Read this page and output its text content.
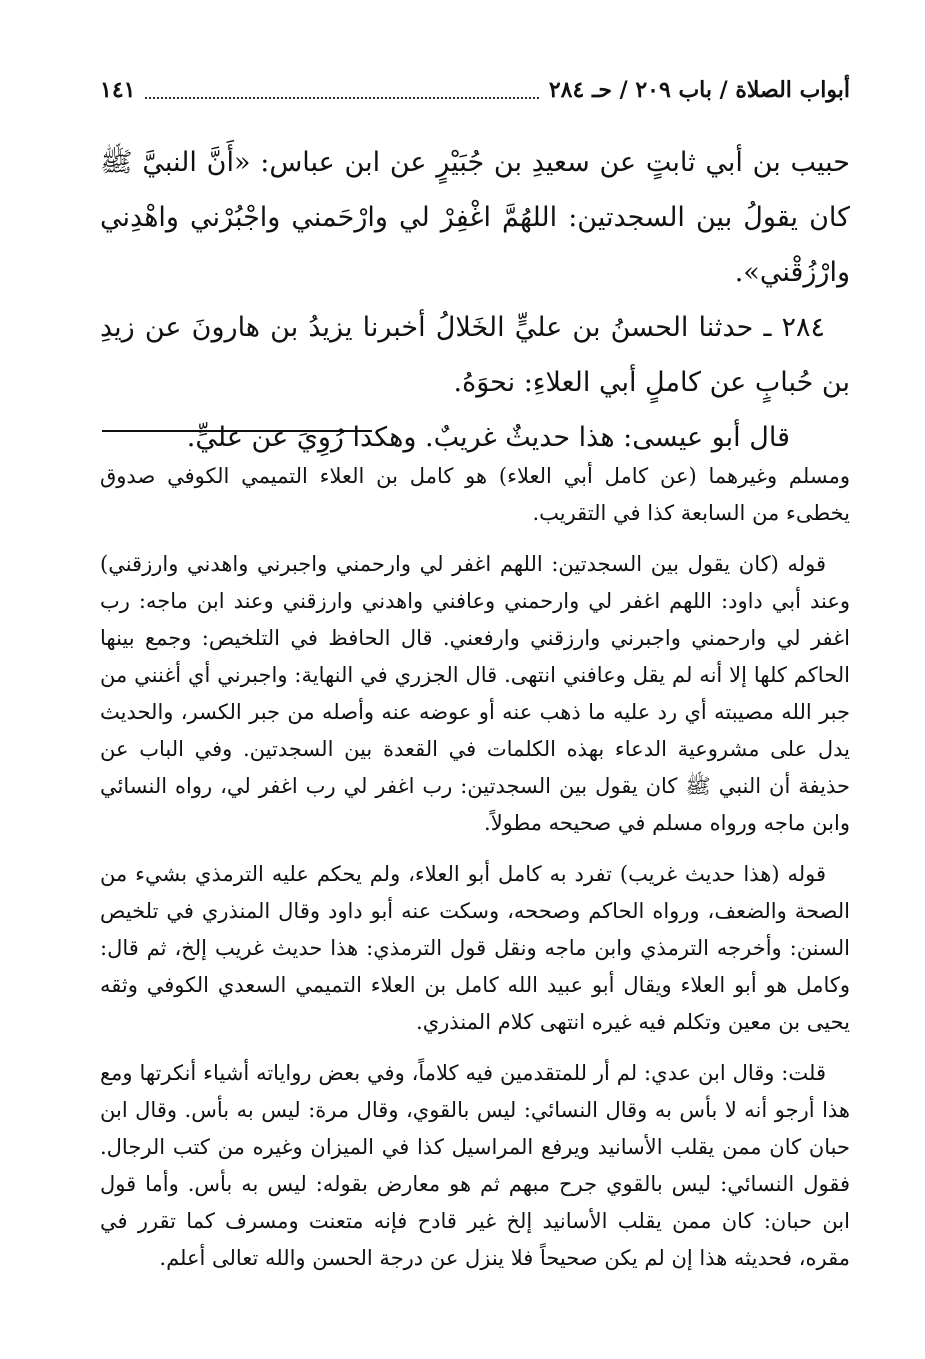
أبواب الصلاة / باب ٢٠٩ / حـ ٢٨٤
١٤١

حبيب بن أبي ثابتٍ عن سعيدِ بن جُبَيْرٍ عن ابن عباس: «أَنَّ النبيَّ ﷺ كان يقولُ بين السجدتين: اللهُمَّ اغْفِرْ لي وارْحَمني واجْبُرْني واهْدِني وارْزُقْني».

٢٨٤ ـ حدثنا الحسنُ بن عليٍّ الخَلالُ أخبرنا يزيدُ بن هارونَ عن زيدِ بن حُبابٍ عن كاملٍ أبي العلاءِ: نحوَهُ.

قال أبو عيسى: هذا حديثٌ غريبٌ. وهكذا رُوِيَ عن عليٍّ.

ومسلم وغيرهما (عن كامل أبي العلاء) هو كامل بن العلاء التميمي الكوفي صدوق يخطىء من السابعة كذا في التقريب.

قوله (كان يقول بين السجدتين: اللهم اغفر لي وارحمني واجبرني واهدني وارزقني) وعند أبي داود: اللهم اغفر لي وارحمني وعافني واهدني وارزقني وعند ابن ماجه: رب اغفر لي وارحمني واجبرني وارزقني وارفعني. قال الحافظ في التلخيص: وجمع بينها الحاكم كلها إلا أنه لم يقل وعافني انتهى. قال الجزري في النهاية: واجبرني أي أغنني من جبر الله مصيبته أي رد عليه ما ذهب عنه أو عوضه عنه وأصله من جبر الكسر، والحديث يدل على مشروعية الدعاء بهذه الكلمات في القعدة بين السجدتين. وفي الباب عن حذيفة أن النبي ﷺ كان يقول بين السجدتين: رب اغفر لي رب اغفر لي، رواه النسائي وابن ماجه ورواه مسلم في صحيحه مطولاً.

قوله (هذا حديث غريب) تفرد به كامل أبو العلاء، ولم يحكم عليه الترمذي بشيء من الصحة والضعف، ورواه الحاكم وصححه، وسكت عنه أبو داود وقال المنذري في تلخيص السنن: وأخرجه الترمذي وابن ماجه ونقل قول الترمذي: هذا حديث غريب إلخ، ثم قال: وكامل هو أبو العلاء ويقال أبو عبيد الله كامل بن العلاء التميمي السعدي الكوفي وثقه يحيى بن معين وتكلم فيه غيره انتهى كلام المنذري.

قلت: وقال ابن عدي: لم أر للمتقدمين فيه كلاماً، وفي بعض رواياته أشياء أنكرتها ومع هذا أرجو أنه لا بأس به وقال النسائي: ليس بالقوي، وقال مرة: ليس به بأس. وقال ابن حبان كان ممن يقلب الأسانيد ويرفع المراسيل كذا في الميزان وغيره من كتب الرجال. فقول النسائي: ليس بالقوي جرح مبهم ثم هو معارض بقوله: ليس به بأس. وأما قول ابن حبان: كان ممن يقلب الأسانيد إلخ غير قادح فإنه متعنت ومسرف كما تقرر في مقره، فحديثه هذا إن لم يكن صحيحاً فلا ينزل عن درجة الحسن والله تعالى أعلم.
